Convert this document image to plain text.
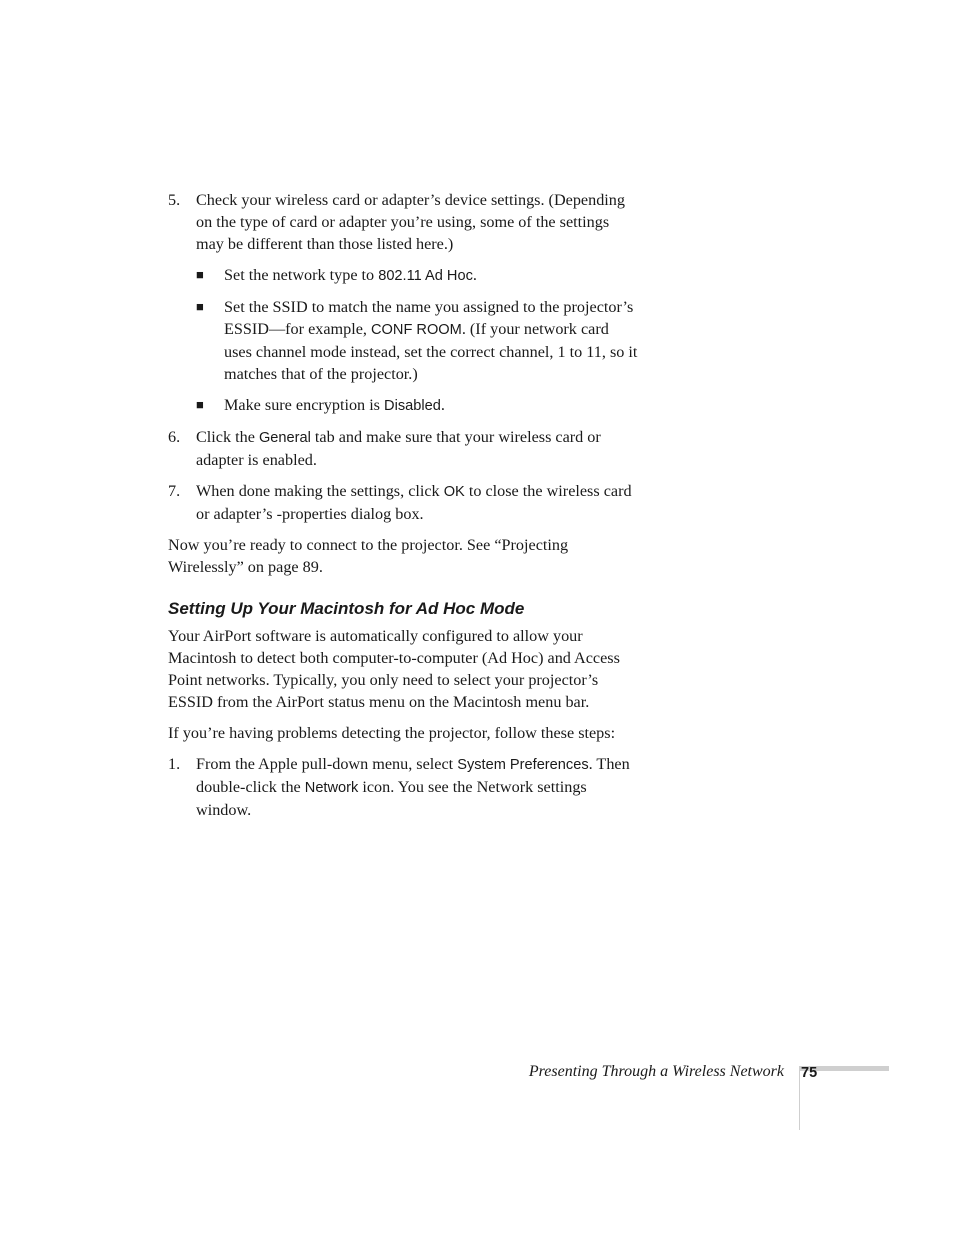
5. Check your wireless card or adapter’s device settings. (Depending on the type of card or adapter you’re using, some of the settings may be different than those listed here.)
■ Set the network type to 802.11 Ad Hoc.
■ Set the SSID to match the name you assigned to the projector’s ESSID—for example, CONF ROOM. (If your network card uses channel mode instead, set the correct channel, 1 to 11, so it matches that of the projector.)
■ Make sure encryption is Disabled.
6. Click the General tab and make sure that your wireless card or adapter is enabled.
7. When done making the settings, click OK to close the wireless card or adapter’s -properties dialog box.

Now you’re ready to connect to the projector. See “Projecting Wirelessly” on page 89.

Setting Up Your Macintosh for Ad Hoc Mode

Your AirPort software is automatically configured to allow your Macintosh to detect both computer-to-computer (Ad Hoc) and Access Point networks. Typically, you only need to select your projector’s ESSID from the AirPort status menu on the Macintosh menu bar.

If you’re having problems detecting the projector, follow these steps:

1. From the Apple pull-down menu, select System Preferences. Then double-click the Network icon. You see the Network settings window.
Presenting Through a Wireless Network 75
